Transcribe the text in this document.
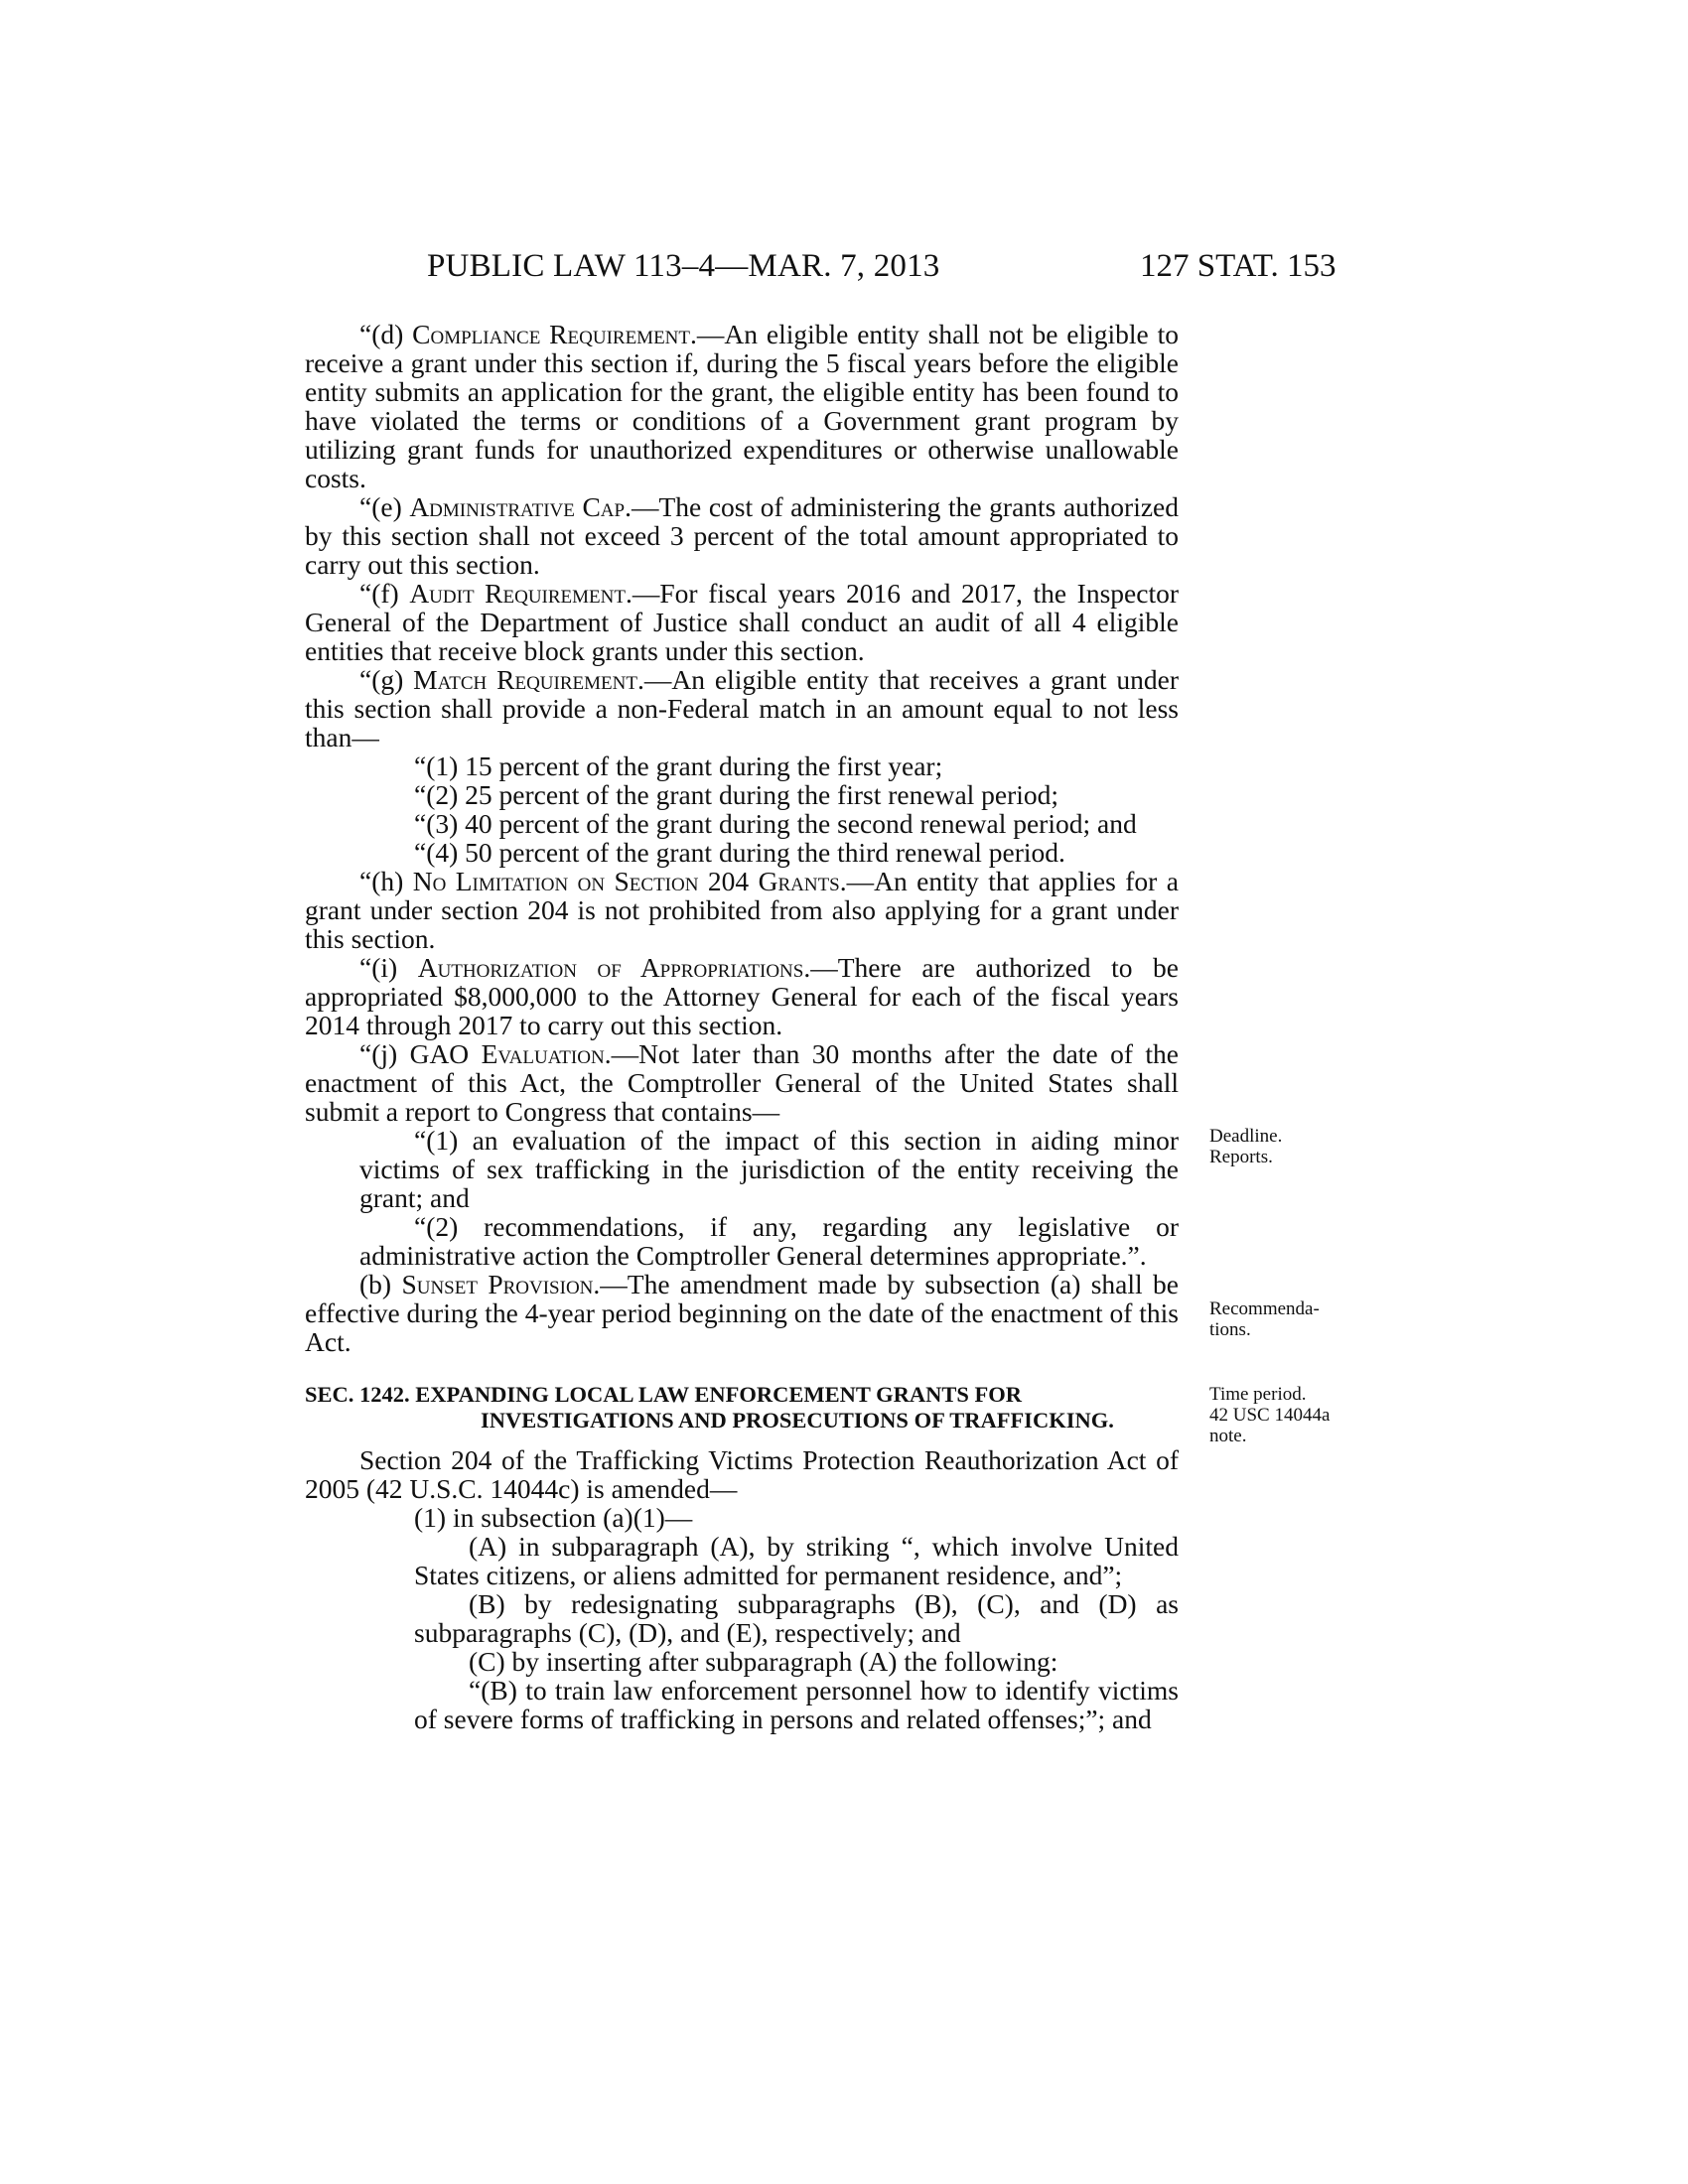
PUBLIC LAW 113–4—MAR. 7, 2013	127 STAT. 153

“(d) Compliance Requirement.—An eligible entity shall not be eligible to receive a grant under this section if, during the 5 fiscal years before the eligible entity submits an application for the grant, the eligible entity has been found to have violated the terms or conditions of a Government grant program by utilizing grant funds for unauthorized expenditures or otherwise unallowable costs.

“(e) Administrative Cap.—The cost of administering the grants authorized by this section shall not exceed 3 percent of the total amount appropriated to carry out this section.

“(f) Audit Requirement.—For fiscal years 2016 and 2017, the Inspector General of the Department of Justice shall conduct an audit of all 4 eligible entities that receive block grants under this section.

“(g) Match Requirement.—An eligible entity that receives a grant under this section shall provide a non-Federal match in an amount equal to not less than—

“(1) 15 percent of the grant during the first year;

“(2) 25 percent of the grant during the first renewal period;

“(3) 40 percent of the grant during the second renewal period; and

“(4) 50 percent of the grant during the third renewal period.

“(h) No Limitation on Section 204 Grants.—An entity that applies for a grant under section 204 is not prohibited from also applying for a grant under this section.

“(i) Authorization of Appropriations.—There are authorized to be appropriated $8,000,000 to the Attorney General for each of the fiscal years 2014 through 2017 to carry out this section.

“(j) GAO Evaluation.—Not later than 30 months after the date of the enactment of this Act, the Comptroller General of the United States shall submit a report to Congress that contains—

“(1) an evaluation of the impact of this section in aiding minor victims of sex trafficking in the jurisdiction of the entity receiving the grant; and

“(2) recommendations, if any, regarding any legislative or administrative action the Comptroller General determines appropriate.”.

(b) Sunset Provision.—The amendment made by subsection (a) shall be effective during the 4-year period beginning on the date of the enactment of this Act.

SEC. 1242. EXPANDING LOCAL LAW ENFORCEMENT GRANTS FOR
INVESTIGATIONS AND PROSECUTIONS OF TRAFFICKING.

Section 204 of the Trafficking Victims Protection Reauthorization Act of 2005 (42 U.S.C. 14044c) is amended—

(1) in subsection (a)(1)—

(A) in subparagraph (A), by striking “, which involve United States citizens, or aliens admitted for permanent residence, and”;

(B) by redesignating subparagraphs (B), (C), and (D) as subparagraphs (C), (D), and (E), respectively; and

(C) by inserting after subparagraph (A) the following:

“(B) to train law enforcement personnel how to identify victims of severe forms of trafficking in persons and related offenses;”; and

Deadline.
Reports.
Recommenda-
tions.
Time period.
42 USC 14044a
note.
